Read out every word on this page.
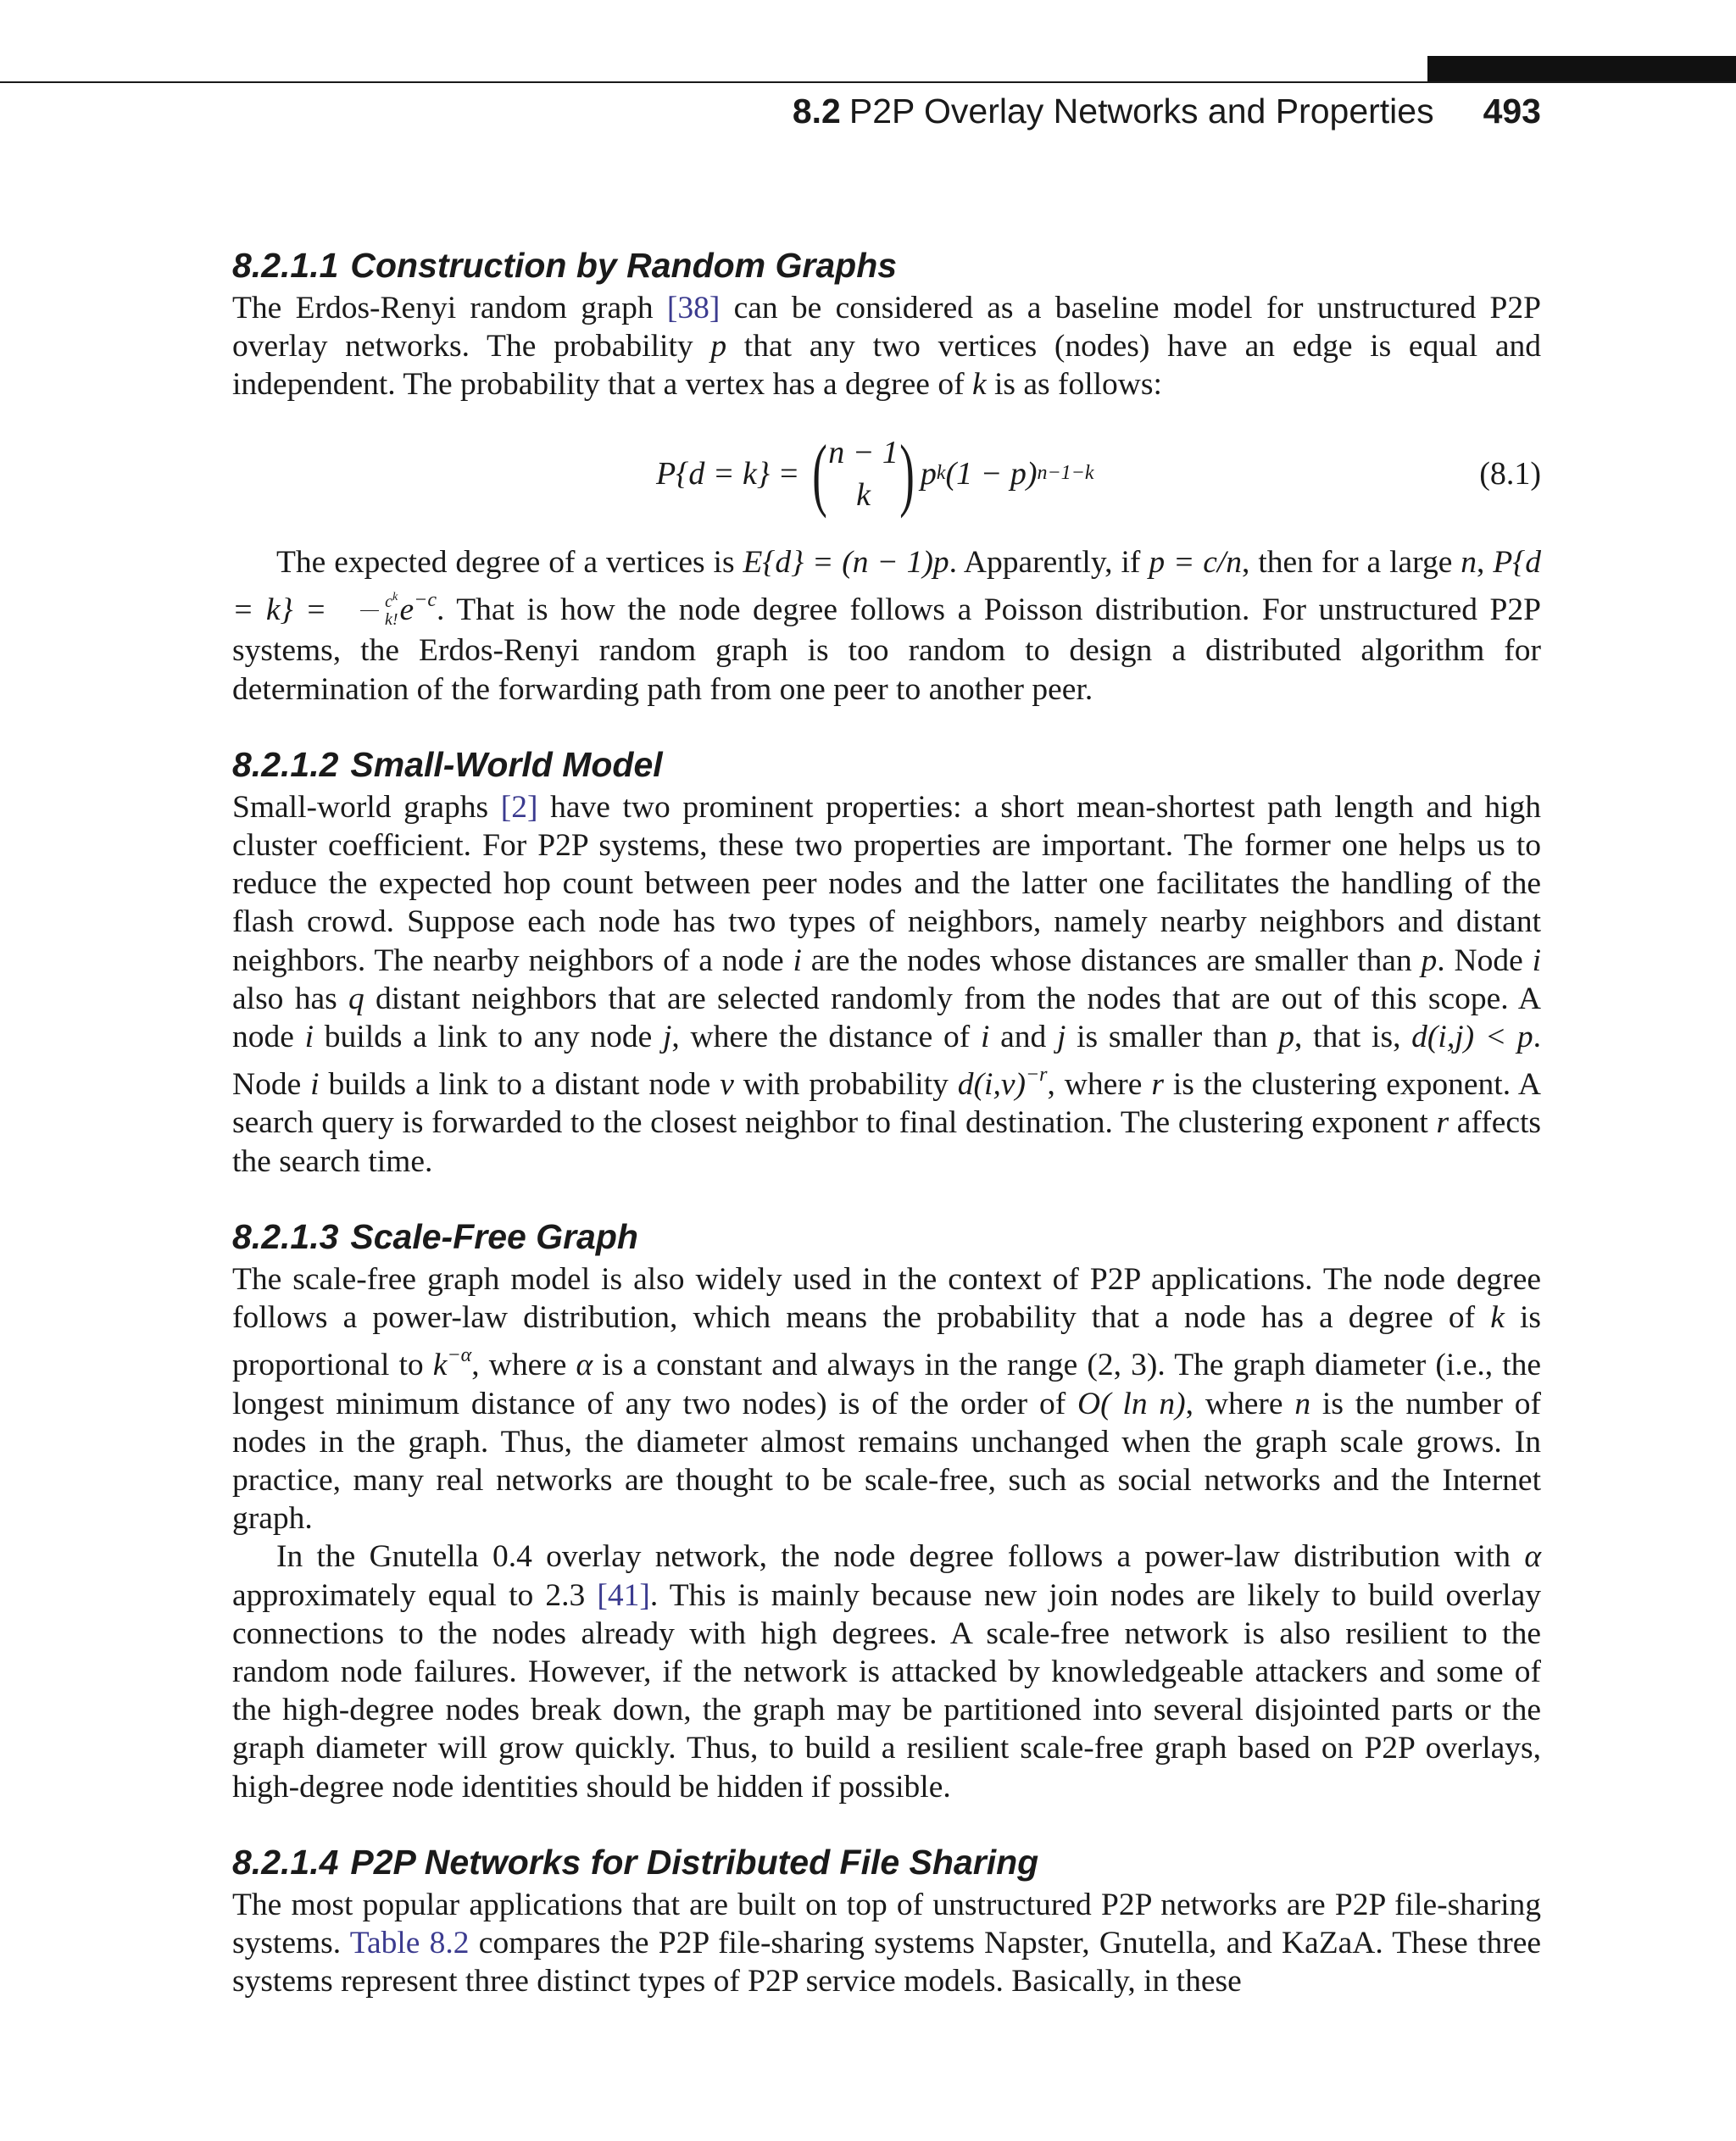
8.2 P2P Overlay Networks and Properties 493
8.2.1.1 Construction by Random Graphs

The Erdos-Renyi random graph [38] can be considered as a baseline model for unstructured P2P overlay networks. The probability p that any two vertices (nodes) have an edge is equal and independent. The probability that a vertex has a degree of k is as follows:

P{d = k} = ( n − 1
k ) p k (1 − p) n−1−k	(8.1)

The expected degree of a vertices is E{d} = (n − 1)p. Apparently, if p = c/n, then for a large n, $P\{d = k\} = \frac{c^k}{k!} e^{-c}$. That is how the node degree follows a Poisson distribution. For unstructured P2P systems, the Erdos-Renyi random graph is too random to design a distributed algorithm for determination of the forwarding path from one peer to another peer.

8.2.1.2 Small-World Model

Small-world graphs [2] have two prominent properties: a short mean-shortest path length and high cluster coefficient. For P2P systems, these two properties are important. The former one helps us to reduce the expected hop count between peer nodes and the latter one facilitates the handling of the flash crowd. Suppose each node has two types of neighbors, namely nearby neighbors and distant neighbors. The nearby neighbors of a node i are the nodes whose distances are smaller than p. Node i also has q distant neighbors that are selected randomly from the nodes that are out of this scope. A node i builds a link to any node j, where the distance of i and j is smaller than p, that is, d(i,j) < p. Node i builds a link to a distant node v with probability $d(i,v)^{-r}$, where r is the clustering exponent. A search query is forwarded to the closest neighbor to final destination. The clustering exponent r affects the search time.

8.2.1.3 Scale-Free Graph

The scale-free graph model is also widely used in the context of P2P applications. The node degree follows a power-law distribution, which means the probability that a node has a degree of k is proportional to $k^{-\alpha}$, where α is a constant and always in the range (2, 3). The graph diameter (i.e., the longest minimum distance of any two nodes) is of the order of O( ln n), where n is the number of nodes in the graph. Thus, the diameter almost remains unchanged when the graph scale grows. In practice, many real networks are thought to be scale-free, such as social networks and the Internet graph.

In the Gnutella 0.4 overlay network, the node degree follows a power-law distribution with α approximately equal to 2.3 [41]. This is mainly because new join nodes are likely to build overlay connections to the nodes already with high degrees. A scale-free network is also resilient to the random node failures. However, if the network is attacked by knowledgeable attackers and some of the high-degree nodes break down, the graph may be partitioned into several disjointed parts or the graph diameter will grow quickly. Thus, to build a resilient scale-free graph based on P2P overlays, high-degree node identities should be hidden if possible.

8.2.1.4 P2P Networks for Distributed File Sharing

The most popular applications that are built on top of unstructured P2P networks are P2P file-sharing systems. Table 8.2 compares the P2P file-sharing systems Napster, Gnutella, and KaZaA. These three systems represent three distinct types of P2P service models. Basically, in these
